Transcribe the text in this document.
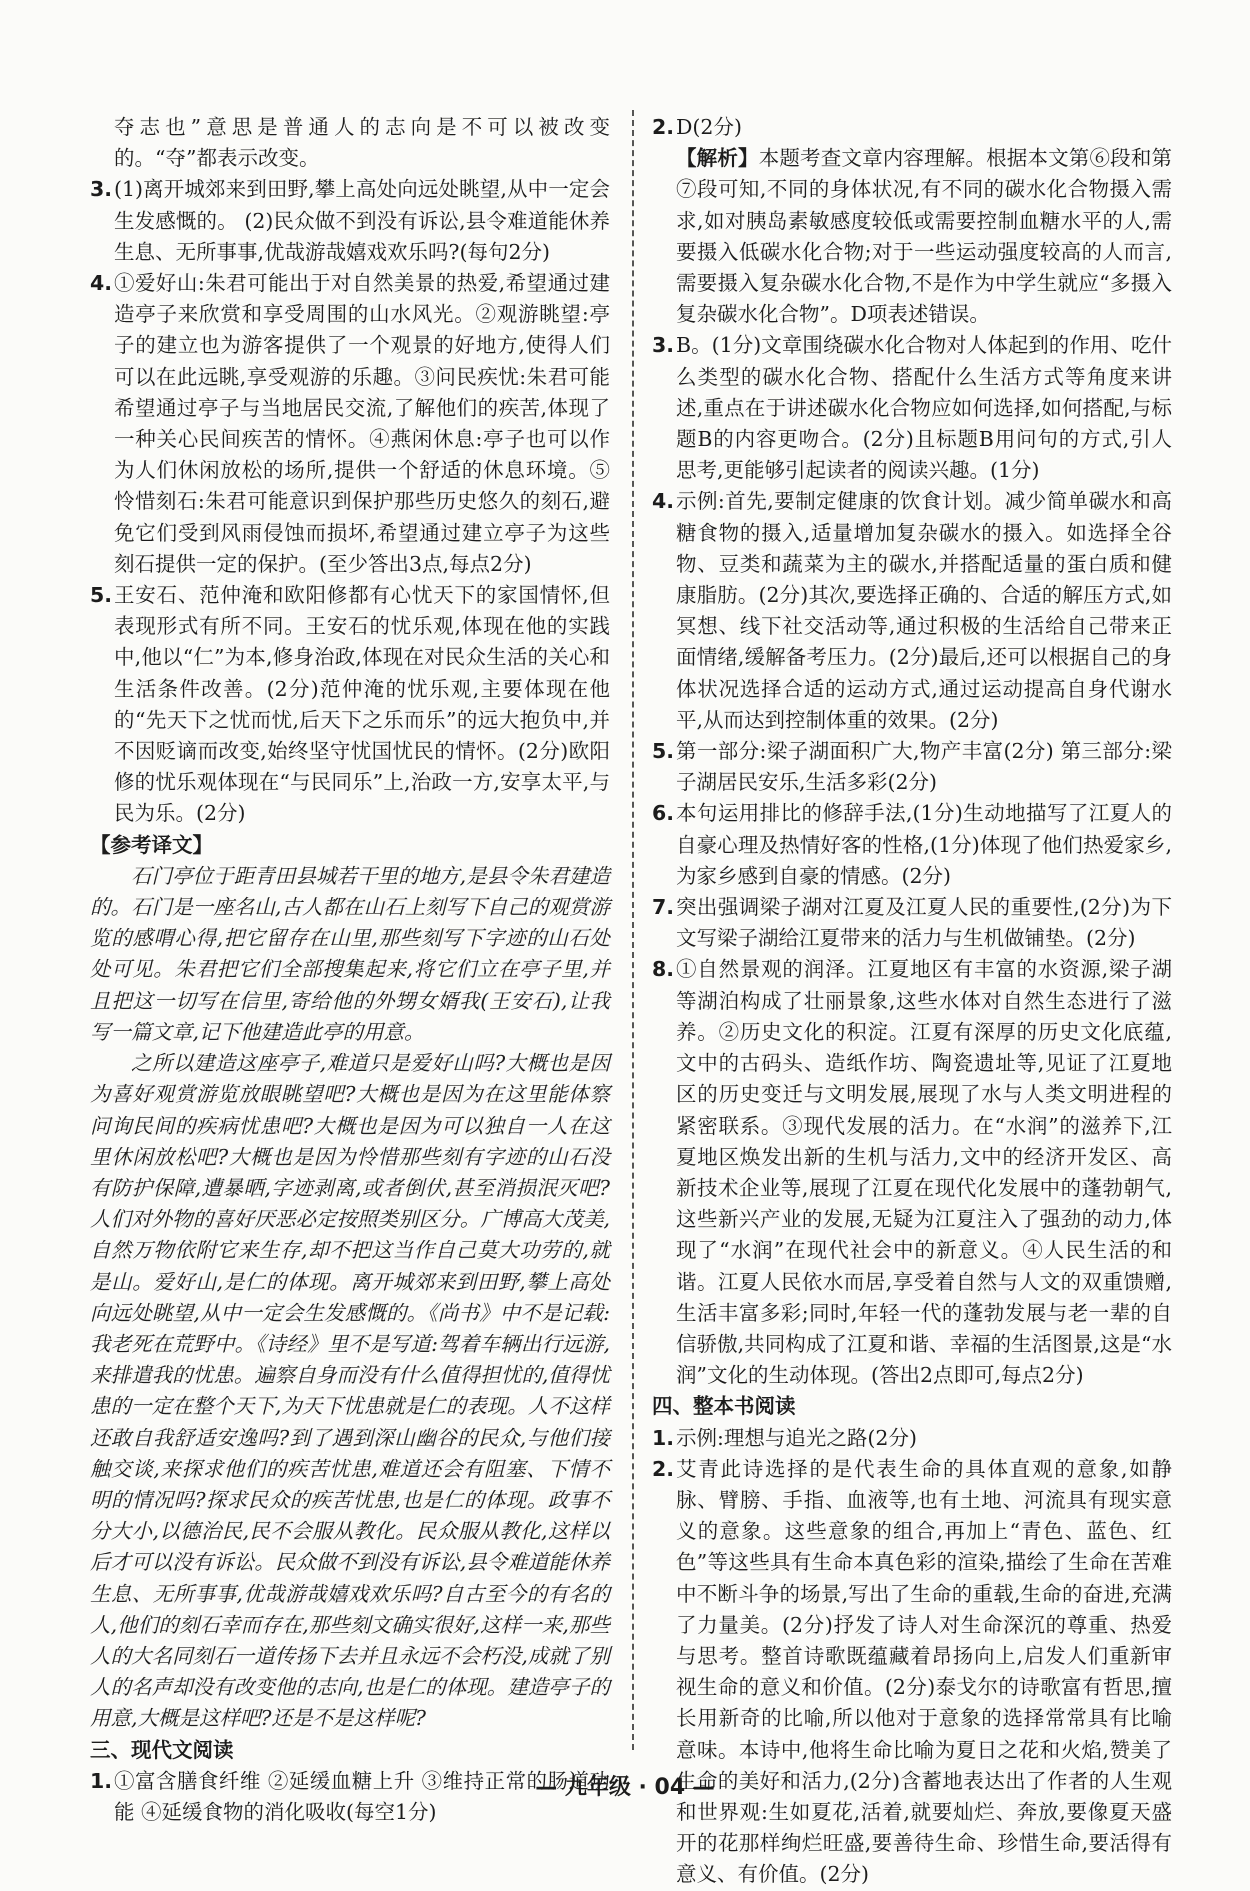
夺志也”意思是普通人的志向是不可以被改变的。“夺”都表示改变。
3. (1)离开城郊来到田野,攀上高处向远处眺望,从中一定会生发感慨的。 (2)民众做不到没有诉讼,县令难道能休养生息、无所事事,优哉游哉嬉戏欢乐吗?(每句2分)
4. ①爱好山:朱君可能出于对自然美景的热爱,希望通过建造亭子来欣赏和享受周围的山水风光。②观游眺望:亭子的建立也为游客提供了一个观景的好地方,使得人们可以在此远眺,享受观游的乐趣。③问民疾忧:朱君可能希望通过亭子与当地居民交流,了解他们的疾苦,体现了一种关心民间疾苦的情怀。④燕闲休息:亭子也可以作为人们休闲放松的场所,提供一个舒适的休息环境。⑤怜惜刻石:朱君可能意识到保护那些历史悠久的刻石,避免它们受到风雨侵蚀而损坏,希望通过建立亭子为这些刻石提供一定的保护。(至少答出3点,每点2分)
5. 王安石、范仲淹和欧阳修都有心忧天下的家国情怀,但表现形式有所不同。王安石的忧乐观,体现在他的实践中,他以“仁”为本,修身治政,体现在对民众生活的关心和生活条件改善。(2分)范仲淹的忧乐观,主要体现在他的“先天下之忧而忧,后天下之乐而乐”的远大抱负中,并不因贬谪而改变,始终坚守忧国忧民的情怀。(2分)欧阳修的忧乐观体现在“与民同乐”上,治政一方,安享太平,与民为乐。(2分)
【参考译文】

石门亭位于距青田县城若干里的地方,是县令朱君建造的。石门是一座名山,古人都在山石上刻写下自己的观赏游览的感喟心得,把它留存在山里,那些刻写下字迹的山石处处可见。朱君把它们全部搜集起来,将它们立在亭子里,并且把这一切写在信里,寄给他的外甥女婿我(王安石),让我写一篇文章,记下他建造此亭的用意。

之所以建造这座亭子,难道只是爱好山吗?大概也是因为喜好观赏游览放眼眺望吧?大概也是因为在这里能体察问询民间的疾病忧患吧?大概也是因为可以独自一人在这里休闲放松吧?大概也是因为怜惜那些刻有字迹的山石没有防护保障,遭暴晒,字迹剥离,或者倒伏,甚至消损泯灭吧?人们对外物的喜好厌恶必定按照类别区分。广博高大茂美,自然万物依附它来生存,却不把这当作自己莫大功劳的,就是山。爱好山,是仁的体现。离开城郊来到田野,攀上高处向远处眺望,从中一定会生发感慨的。《尚书》中不是记载:我老死在荒野中。《诗经》里不是写道:驾着车辆出行远游,来排遣我的忧患。遍察自身而没有什么值得担忧的,值得忧患的一定在整个天下,为天下忧患就是仁的表现。人不这样还敢自我舒适安逸吗?到了遇到深山幽谷的民众,与他们接触交谈,来探求他们的疾苦忧患,难道还会有阻塞、下情不明的情况吗?探求民众的疾苦忧患,也是仁的体现。政事不分大小,以德治民,民不会服从教化。民众服从教化,这样以后才可以没有诉讼。民众做不到没有诉讼,县令难道能休养生息、无所事事,优哉游哉嬉戏欢乐吗?自古至今的有名的人,他们的刻石幸而存在,那些刻文确实很好,这样一来,那些人的大名同刻石一道传扬下去并且永远不会朽没,成就了别人的名声却没有改变他的志向,也是仁的体现。建造亭子的用意,大概是这样吧?还是不是这样呢?

三、现代文阅读
1. ①富含膳食纤维 ②延缓血糖上升 ③维持正常的肠道功能 ④延缓食物的消化吸收(每空1分)
2. D(2分)
【解析】本题考查文章内容理解。根据本文第⑥段和第⑦段可知,不同的身体状况,有不同的碳水化合物摄入需求,如对胰岛素敏感度较低或需要控制血糖水平的人,需要摄入低碳水化合物;对于一些运动强度较高的人而言,需要摄入复杂碳水化合物,不是作为中学生就应“多摄入复杂碳水化合物”。D项表述错误。
3. B。(1分)文章围绕碳水化合物对人体起到的作用、吃什么类型的碳水化合物、搭配什么生活方式等角度来讲述,重点在于讲述碳水化合物应如何选择,如何搭配,与标题B的内容更吻合。(2分)且标题B用问句的方式,引人思考,更能够引起读者的阅读兴趣。(1分)
4. 示例:首先,要制定健康的饮食计划。减少简单碳水和高糖食物的摄入,适量增加复杂碳水的摄入。如选择全谷物、豆类和蔬菜为主的碳水,并搭配适量的蛋白质和健康脂肪。(2分)其次,要选择正确的、合适的解压方式,如冥想、线下社交活动等,通过积极的生活给自己带来正面情绪,缓解备考压力。(2分)最后,还可以根据自己的身体状况选择合适的运动方式,通过运动提高自身代谢水平,从而达到控制体重的效果。(2分)
5. 第一部分:梁子湖面积广大,物产丰富(2分) 第三部分:梁子湖居民安乐,生活多彩(2分)
6. 本句运用排比的修辞手法,(1分)生动地描写了江夏人的自豪心理及热情好客的性格,(1分)体现了他们热爱家乡,为家乡感到自豪的情感。(2分)
7. 突出强调梁子湖对江夏及江夏人民的重要性,(2分)为下文写梁子湖给江夏带来的活力与生机做铺垫。(2分)
8. ①自然景观的润泽。江夏地区有丰富的水资源,梁子湖等湖泊构成了壮丽景象,这些水体对自然生态进行了滋养。②历史文化的积淀。江夏有深厚的历史文化底蕴,文中的古码头、造纸作坊、陶瓷遗址等,见证了江夏地区的历史变迁与文明发展,展现了水与人类文明进程的紧密联系。③现代发展的活力。在“水润”的滋养下,江夏地区焕发出新的生机与活力,文中的经济开发区、高新技术企业等,展现了江夏在现代化发展中的蓬勃朝气,这些新兴产业的发展,无疑为江夏注入了强劲的动力,体现了“水润”在现代社会中的新意义。④人民生活的和谐。江夏人民依水而居,享受着自然与人文的双重馈赠,生活丰富多彩;同时,年轻一代的蓬勃发展与老一辈的自信骄傲,共同构成了江夏和谐、幸福的生活图景,这是“水润”文化的生动体现。(答出2点即可,每点2分)
四、整本书阅读
1. 示例:理想与追光之路(2分)
2. 艾青此诗选择的是代表生命的具体直观的意象,如静脉、臂膀、手指、血液等,也有土地、河流具有现实意义的意象。这些意象的组合,再加上“青色、蓝色、红色”等这些具有生命本真色彩的渲染,描绘了生命在苦难中不断斗争的场景,写出了生命的重载,生命的奋进,充满了力量美。(2分)抒发了诗人对生命深沉的尊重、热爱与思考。整首诗歌既蕴藏着昂扬向上,启发人们重新审视生命的意义和价值。(2分)泰戈尔的诗歌富有哲思,擅长用新奇的比喻,所以他对于意象的选择常常具有比喻意味。本诗中,他将生命比喻为夏日之花和火焰,赞美了生命的美好和活力,(2分)含蓄地表达出了作者的人生观和世界观:生如夏花,活着,就要灿烂、奔放,要像夏天盛开的花那样绚烂旺盛,要善待生命、珍惜生命,要活得有意义、有价值。(2分)
— 九年级 · 04 —
